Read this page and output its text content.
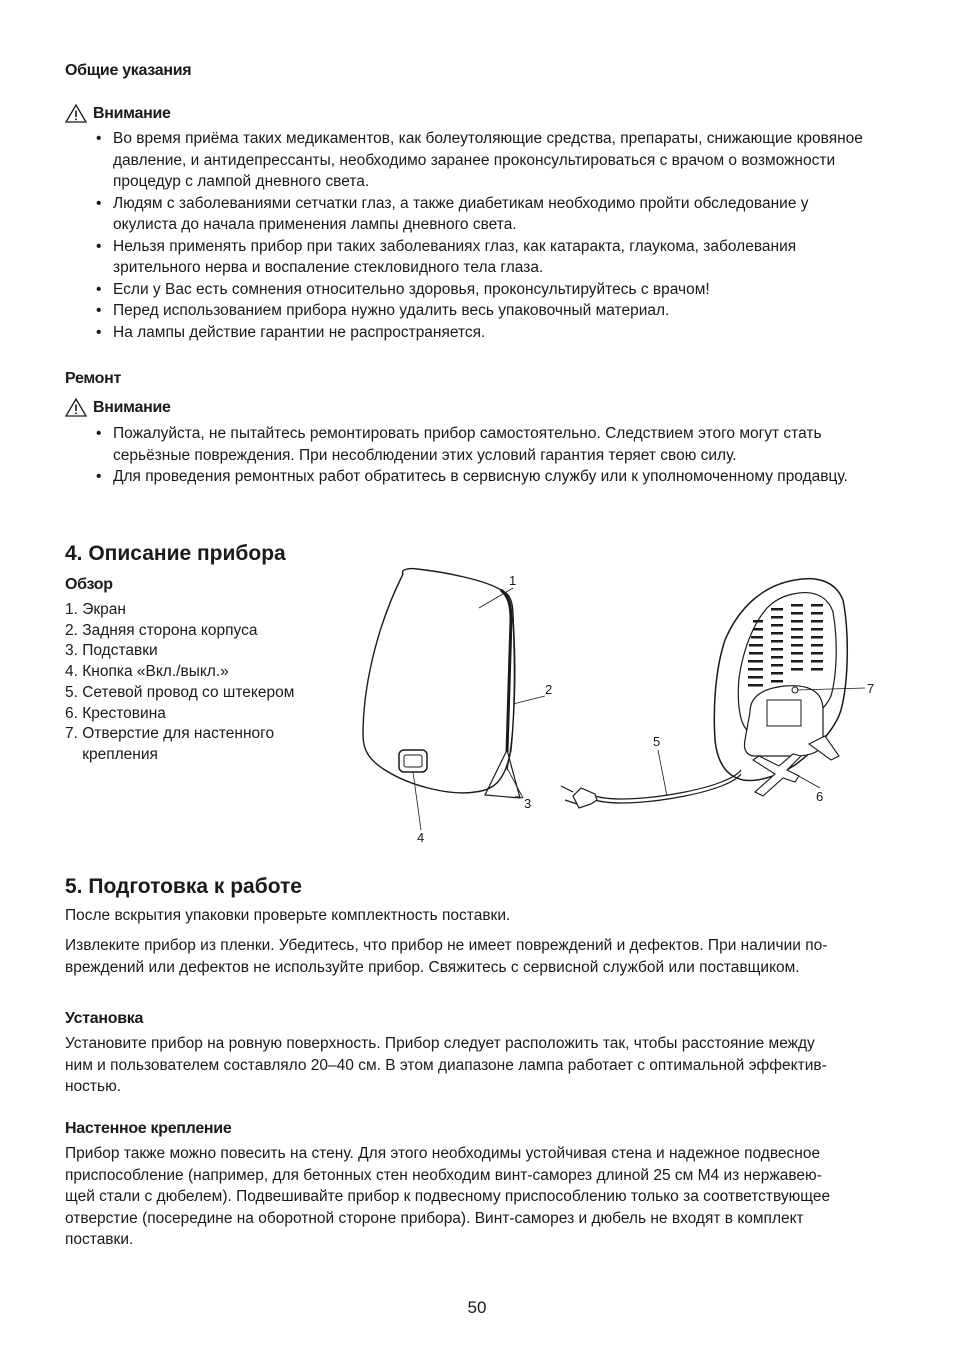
Общие указания
Внимание
• Во время приёма таких медикаментов, как болеутоляющие средства, препараты, снижающие кровяное давление, и антидепрессанты, необходимо заранее проконсультироваться с врачом о возможности процедур с лампой дневного света.
• Людям с заболеваниями сетчатки глаз, а также диабетикам необходимо пройти обследование у окулиста до начала применения лампы дневного света.
• Нельзя применять прибор при таких заболеваниях глаз, как катаракта, глаукома, заболевания зрительного нерва и воспаление стекловидного тела глаза.
• Если у Вас есть сомнения относительно здоровья, проконсультируйтесь с врачом!
• Перед использованием прибора нужно удалить весь упаковочный материал.
• На лампы действие гарантии не распространяется.
Ремонт
Внимание
• Пожалуйста, не пытайтесь ремонтировать прибор самостоятельно. Следствием этого могут стать серьёзные повреждения. При несоблюдении этих условий гарантия теряет свою силу.
• Для проведения ремонтных работ обратитесь в сервисную службу или к уполномоченному продавцу.
4. Описание прибора
Обзор
1. Экран
2. Задняя сторона корпуса
3. Подставки
4. Кнопка «Вкл./выкл.»
5. Сетевой провод со штекером
6. Крестовина
7. Отверстие для настенного
крепления
1
2
3
4
5
6
7
5. Подготовка к работе

После вскрытия упаковки проверьте комплектность поставки.

Извлеките прибор из пленки. Убедитесь, что прибор не имеет повреждений и дефектов. При наличии по-

вреждений или дефектов не используйте прибор. Свяжитесь с сервисной службой или поставщиком.

Установка

Установите прибор на ровную поверхность. Прибор следует расположить так, чтобы расстояние между

ним и пользователем составляло 20–40 см. В этом диапазоне лампа работает с оптимальной эффектив-

ностью.

Настенное крепление

Прибор также можно повесить на стену. Для этого необходимы устойчивая стена и надежное подвесное

приспособление (например, для бетонных стен необходим винт-саморез длиной 25 см M4 из нержавею-

щей стали с дюбелем). Подвешивайте прибор к подвесному приспособлению только за соответствующее

отверстие (посередине на оборотной стороне прибора). Винт-саморез и дюбель не входят в комплект

поставки.

50
